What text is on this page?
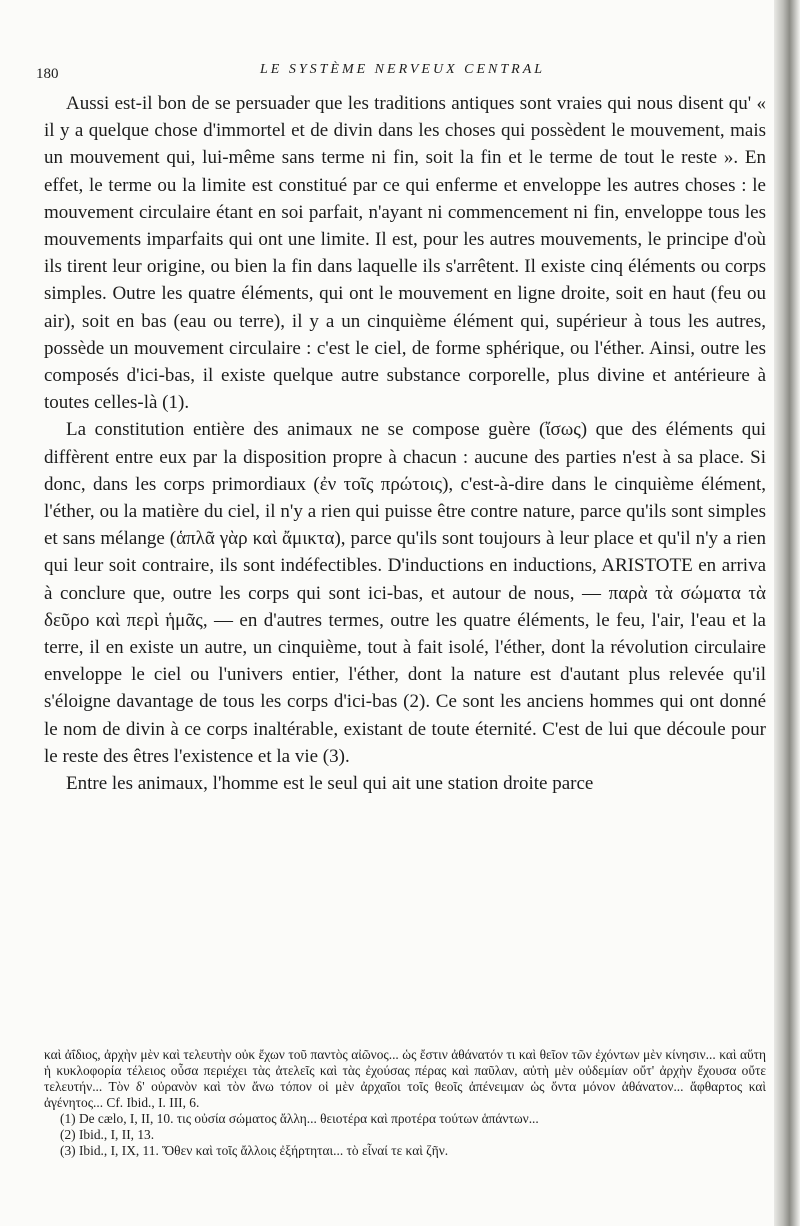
180	LE SYSTÈME NERVEUX CENTRAL

Aussi est-il bon de se persuader que les traditions antiques sont vraies qui nous disent qu' « il y a quelque chose d'immortel et de divin dans les choses qui possèdent le mouvement, mais un mouvement qui, lui-même sans terme ni fin, soit la fin et le terme de tout le reste ». En effet, le terme ou la limite est constitué par ce qui enferme et enveloppe les autres choses : le mouvement circulaire étant en soi parfait, n'ayant ni commencement ni fin, enveloppe tous les mouvements imparfaits qui ont une limite. Il est, pour les autres mouvements, le principe d'où ils tirent leur origine, ou bien la fin dans laquelle ils s'arrêtent. Il existe cinq éléments ou corps simples. Outre les quatre éléments, qui ont le mouvement en ligne droite, soit en haut (feu ou air), soit en bas (eau ou terre), il y a un cinquième élément qui, supérieur à tous les autres, possède un mouvement circulaire : c'est le ciel, de forme sphérique, ou l'éther. Ainsi, outre les composés d'ici-bas, il existe quelque autre substance corporelle, plus divine et antérieure à toutes celles-là (1).

La constitution entière des animaux ne se compose guère (ἴσως) que des éléments qui diffèrent entre eux par la disposition propre à chacun : aucune des parties n'est à sa place. Si donc, dans les corps primordiaux (ἐν τοῖς πρώτοις), c'est-à-dire dans le cinquième élément, l'éther, ou la matière du ciel, il n'y a rien qui puisse être contre nature, parce qu'ils sont simples et sans mélange (ἁπλᾶ γὰρ καὶ ἄμικτα), parce qu'ils sont toujours à leur place et qu'il n'y a rien qui leur soit contraire, ils sont indéfectibles. D'inductions en inductions, ARISTOTE en arriva à conclure que, outre les corps qui sont ici-bas, et autour de nous, — παρὰ τὰ σώματα τὰ δεῦρο καὶ περὶ ἡμᾶς, — en d'autres termes, outre les quatre éléments, le feu, l'air, l'eau et la terre, il en existe un autre, un cinquième, tout à fait isolé, l'éther, dont la révolution circulaire enveloppe le ciel ou l'univers entier, l'éther, dont la nature est d'autant plus relevée qu'il s'éloigne davantage de tous les corps d'ici-bas (2). Ce sont les anciens hommes qui ont donné le nom de divin à ce corps inaltérable, existant de toute éternité. C'est de lui que découle pour le reste des êtres l'existence et la vie (3).

Entre les animaux, l'homme est le seul qui ait une station droite parce

καὶ ἀΐδιος, ἀρχὴν μὲν καὶ τελευτὴν οὐκ ἔχων τοῦ παντὸς αἰῶνος... ὡς ἔστιν ἀθάνατόν τι καὶ θεῖον τῶν ἐχόντων μὲν κίνησιν... καὶ αὕτη ἡ κυκλοφορία τέλειος οὖσα περιέχει τὰς ἀτελεῖς καὶ τὰς ἐχούσας πέρας καὶ παῦλαν, αὐτὴ μὲν οὐδεμίαν οὔτ' ἀρχὴν ἔχουσα οὔτε τελευτήν... Τὸν δ' οὐρανὸν καὶ τὸν ἄνω τόπον οἱ μὲν ἀρχαῖοι τοῖς θεοῖς ἀπένειμαν ὡς ὄντα μόνον ἀθάνατον... ἄφθαρτος καὶ ἀγένητος... Cf. Ibid., I. III, 6.

(1) De cælo, I, II, 10. τις οὐσία σώματος ἄλλη... θειοτέρα καὶ προτέρα τούτων ἁπάντων...

(2) Ibid., I, II, 13.

(3) Ibid., I, IX, 11. Ὅθεν καὶ τοῖς ἄλλοις ἐξήρτηται... τὸ εἶναί τε καὶ ζῆν.
